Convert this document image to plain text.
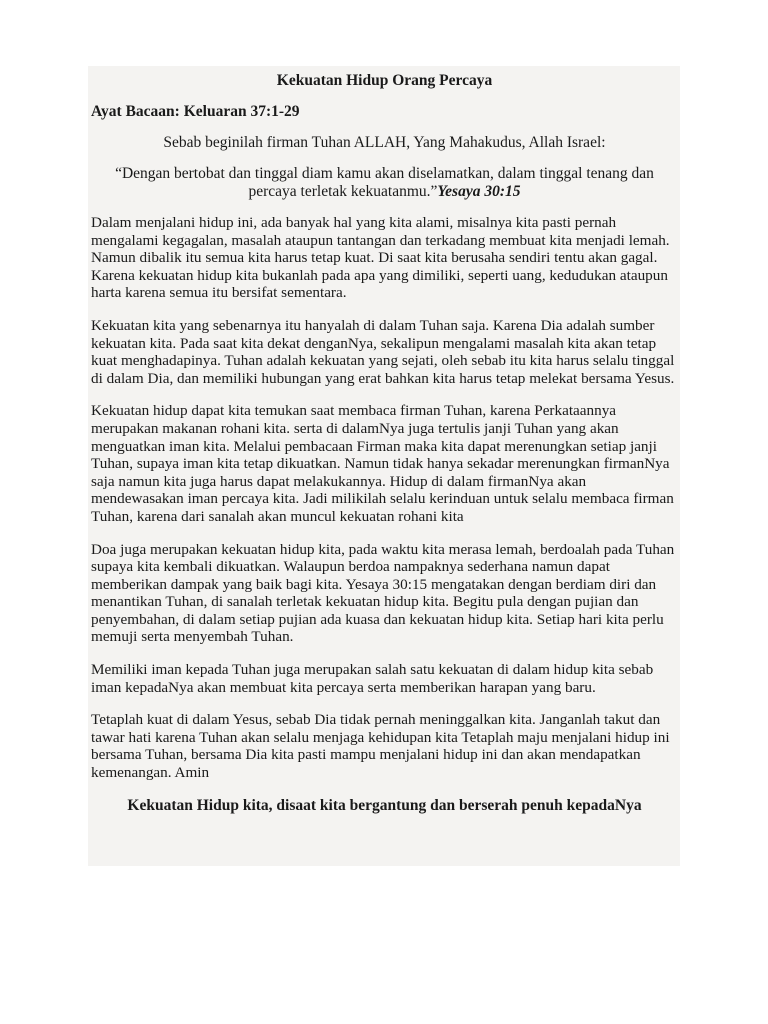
Kekuatan Hidup Orang Percaya

Ayat Bacaan: Keluaran 37:1-29

Sebab beginilah firman Tuhan ALLAH, Yang Mahakudus, Allah Israel:

“Dengan bertobat dan tinggal diam kamu akan diselamatkan, dalam tinggal tenang dan percaya terletak kekuatanmu.”Yesaya 30:15

Dalam menjalani hidup ini, ada banyak hal yang kita alami, misalnya kita pasti pernah mengalami kegagalan, masalah ataupun tantangan dan terkadang membuat kita menjadi lemah. Namun dibalik itu semua kita harus tetap kuat. Di saat kita berusaha sendiri tentu akan gagal. Karena kekuatan hidup kita bukanlah pada apa yang dimiliki, seperti uang, kedudukan ataupun harta karena semua itu bersifat sementara.

Kekuatan kita yang sebenarnya itu hanyalah di dalam Tuhan saja. Karena Dia adalah sumber kekuatan kita. Pada saat kita dekat denganNya, sekalipun mengalami masalah kita akan tetap kuat menghadapinya. Tuhan adalah kekuatan yang sejati, oleh sebab itu kita harus selalu tinggal di dalam Dia, dan memiliki hubungan yang erat bahkan kita harus tetap melekat bersama Yesus.

Kekuatan hidup dapat kita temukan saat membaca firman Tuhan, karena Perkataannya merupakan makanan rohani kita. serta di dalamNya juga tertulis janji Tuhan yang akan menguatkan iman kita. Melalui pembacaan Firman maka kita dapat merenungkan setiap janji Tuhan, supaya iman kita tetap dikuatkan. Namun tidak hanya sekadar merenungkan firmanNya saja namun kita juga harus dapat melakukannya. Hidup di dalam firmanNya akan mendewasakan iman percaya kita. Jadi milikilah selalu kerinduan untuk selalu membaca firman Tuhan, karena dari sanalah akan muncul kekuatan rohani kita

Doa juga merupakan kekuatan hidup kita, pada waktu kita merasa lemah, berdoalah pada Tuhan supaya kita kembali dikuatkan. Walaupun berdoa nampaknya sederhana namun dapat memberikan dampak yang baik bagi kita. Yesaya 30:15 mengatakan dengan berdiam diri dan menantikan Tuhan, di sanalah terletak kekuatan hidup kita. Begitu pula dengan pujian dan penyembahan, di dalam setiap pujian ada kuasa dan kekuatan hidup kita. Setiap hari kita perlu memuji serta menyembah Tuhan.

Memiliki iman kepada Tuhan juga merupakan salah satu kekuatan di dalam hidup kita sebab iman kepadaNya akan membuat kita percaya serta memberikan harapan yang baru.

Tetaplah kuat di dalam Yesus, sebab Dia tidak pernah meninggalkan kita. Janganlah takut dan tawar hati karena Tuhan akan selalu menjaga kehidupan kita Tetaplah maju menjalani hidup ini bersama Tuhan, bersama Dia kita pasti mampu menjalani hidup ini dan akan mendapatkan kemenangan. Amin

Kekuatan Hidup kita, disaat kita bergantung dan berserah penuh kepadaNya
